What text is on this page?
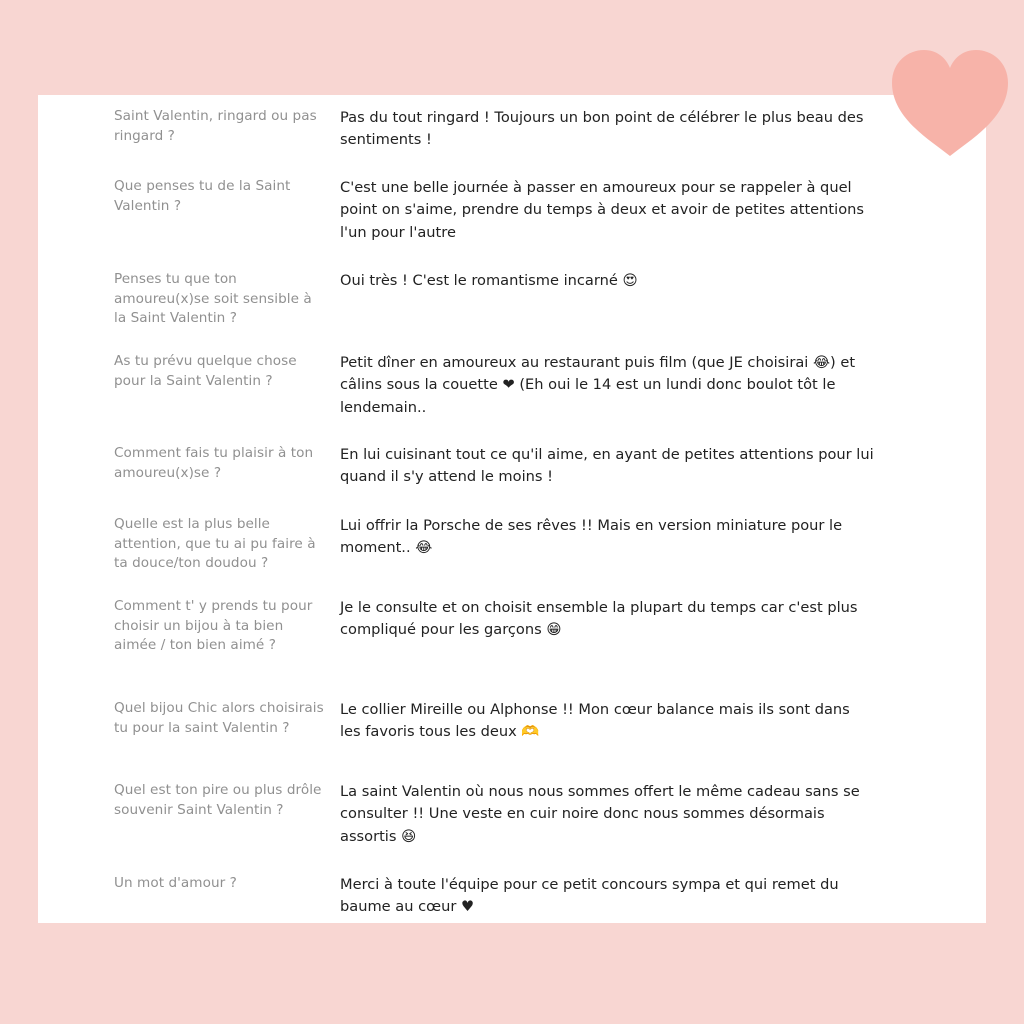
Saint Valentin, ringard ou pas ringard ?
Pas du tout ringard ! Toujours un bon point de célébrer le plus beau des sentiments !
Que penses tu de la Saint Valentin ?
C'est une belle journée à passer en amoureux pour se rappeler à quel point on s'aime, prendre du temps à deux et avoir de petites attentions l'un pour l'autre
Penses tu que ton amoureu(x)se soit sensible à la Saint Valentin ?
Oui très ! C'est le romantisme incarné 😍
As tu prévu quelque chose pour la Saint Valentin ?
Petit dîner en amoureux au restaurant puis film (que JE choisirai 😂) et câlins sous la couette ❤ (Eh oui le 14 est un lundi donc boulot tôt le lendemain..
Comment fais tu plaisir à ton amoureu(x)se ?
En lui cuisinant tout ce qu'il aime, en ayant de petites attentions pour lui quand il s'y attend le moins !
Quelle est la plus belle attention, que tu ai pu faire à ta douce/ton doudou ?
Lui offrir la Porsche de ses rêves !! Mais en version miniature pour le moment.. 😂
Comment t' y prends tu pour choisir un bijou à ta bien aimée / ton bien aimé ?
Je le consulte et on choisit ensemble la plupart du temps car c'est plus compliqué pour les garçons 😁
Quel bijou Chic alors choisirais tu pour la saint Valentin ?
Le collier Mireille ou Alphonse !! Mon cœur balance mais ils sont dans les favoris tous les deux 🫶
Quel est ton pire ou plus drôle souvenir Saint Valentin ?
La saint Valentin où nous nous sommes offert le même cadeau sans se consulter !! Une veste en cuir noire donc nous sommes désormais assortis 😆
Un mot d'amour ?	Merci à toute l'équipe pour ce petit concours sympa et qui remet du baume au cœur ♥
